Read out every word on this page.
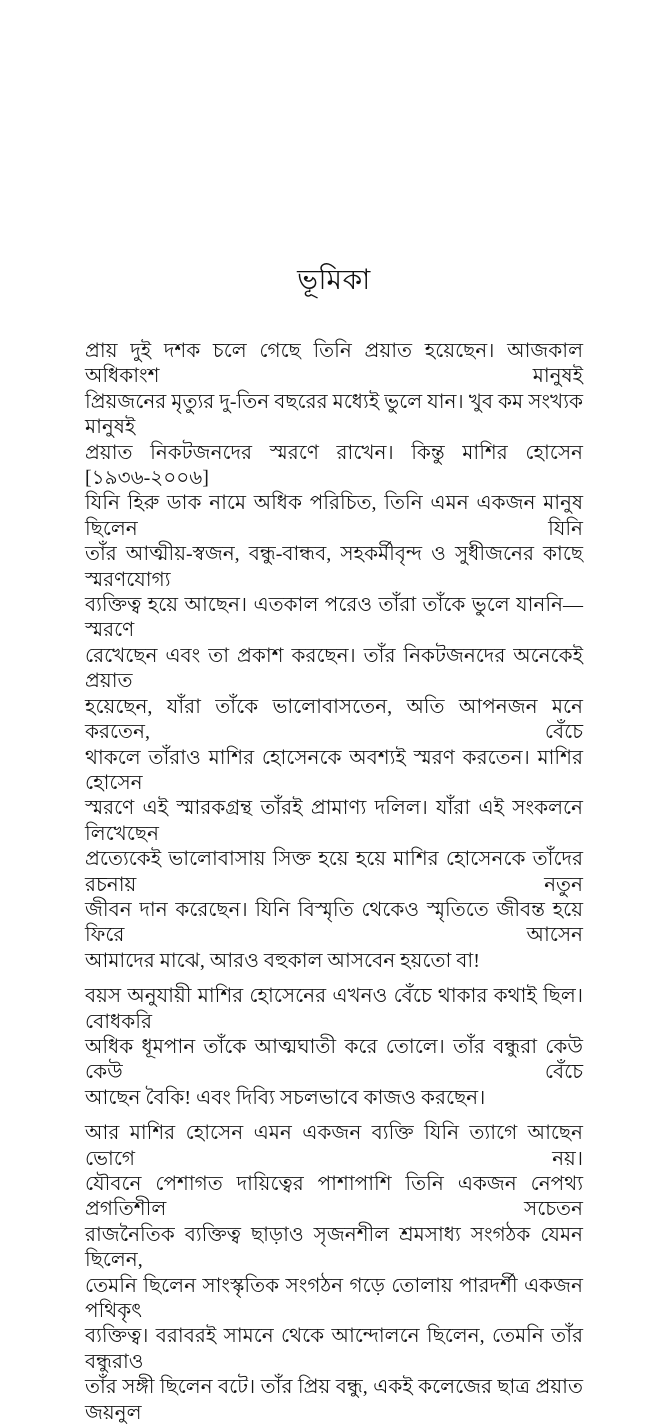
ভূমিকা
প্রায় দুই দশক চলে গেছে তিনি প্রয়াত হয়েছেন। আজকাল অধিকাংশ মানুষই
প্রিয়জনের মৃত্যুর দু-তিন বছরের মধ্যেই ভুলে যান। খুব কম সংখ্যক মানুষই
প্রয়াত নিকটজনদের স্মরণে রাখেন। কিন্তু মাশির হোসেন [১৯৩৬-২০০৬]
যিনি হিরু ডাক নামে অধিক পরিচিত, তিনি এমন একজন মানুষ ছিলেন যিনি
তাঁর আত্মীয়-স্বজন, বন্ধু-বান্ধব, সহকর্মীবৃন্দ ও সুধীজনের কাছে স্মরণযোগ্য
ব্যক্তিত্ব হয়ে আছেন। এতকাল পরেও তাঁরা তাঁকে ভুলে যাননি—স্মরণে
রেখেছেন এবং তা প্রকাশ করছেন। তাঁর নিকটজনদের অনেকেই প্রয়াত
হয়েছেন, যাঁরা তাঁকে ভালোবাসতেন, অতি আপনজন মনে করতেন, বেঁচে
থাকলে তাঁরাও মাশির হোসেনকে অবশ্যই স্মরণ করতেন। মাশির হোসেন
স্মরণে এই স্মারকগ্রন্থ তাঁরই প্রামাণ্য দলিল। যাঁরা এই সংকলনে লিখেছেন
প্রত্যেকেই ভালোবাসায় সিক্ত হয়ে হয়ে মাশির হোসেনকে তাঁদের রচনায় নতুন
জীবন দান করেছেন। যিনি বিস্মৃতি থেকেও স্মৃতিতে জীবন্ত হয়ে ফিরে আসেন
আমাদের মাঝে, আরও বহুকাল আসবেন হয়তো বা!
বয়স অনুযায়ী মাশির হোসেনের এখনও বেঁচে থাকার কথাই ছিল। বোধকরি
অধিক ধূমপান তাঁকে আত্মঘাতী করে তোলে। তাঁর বন্ধুরা কেউ কেউ বেঁচে
আছেন বৈকি! এবং দিব্যি সচলভাবে কাজও করছেন।
আর মাশির হোসেন এমন একজন ব্যক্তি যিনি ত্যাগে আছেন ভোগে নয়।
যৌবনে পেশাগত দায়িত্বের পাশাপাশি তিনি একজন নেপথ্য প্রগতিশীল সচেতন
রাজনৈতিক ব্যক্তিত্ব ছাড়াও সৃজনশীল শ্রমসাধ্য সংগঠক যেমন ছিলেন,
তেমনি ছিলেন সাংস্কৃতিক সংগঠন গড়ে তোলায় পারদর্শী একজন পথিকৃৎ
ব্যক্তিত্ব। বরাবরই সামনে থেকে আন্দোলনে ছিলেন, তেমনি তাঁর বন্ধুরাও
তাঁর সঙ্গী ছিলেন বটে। তাঁর প্রিয় বন্ধু, একই কলেজের ছাত্র প্রয়াত জয়নুল
